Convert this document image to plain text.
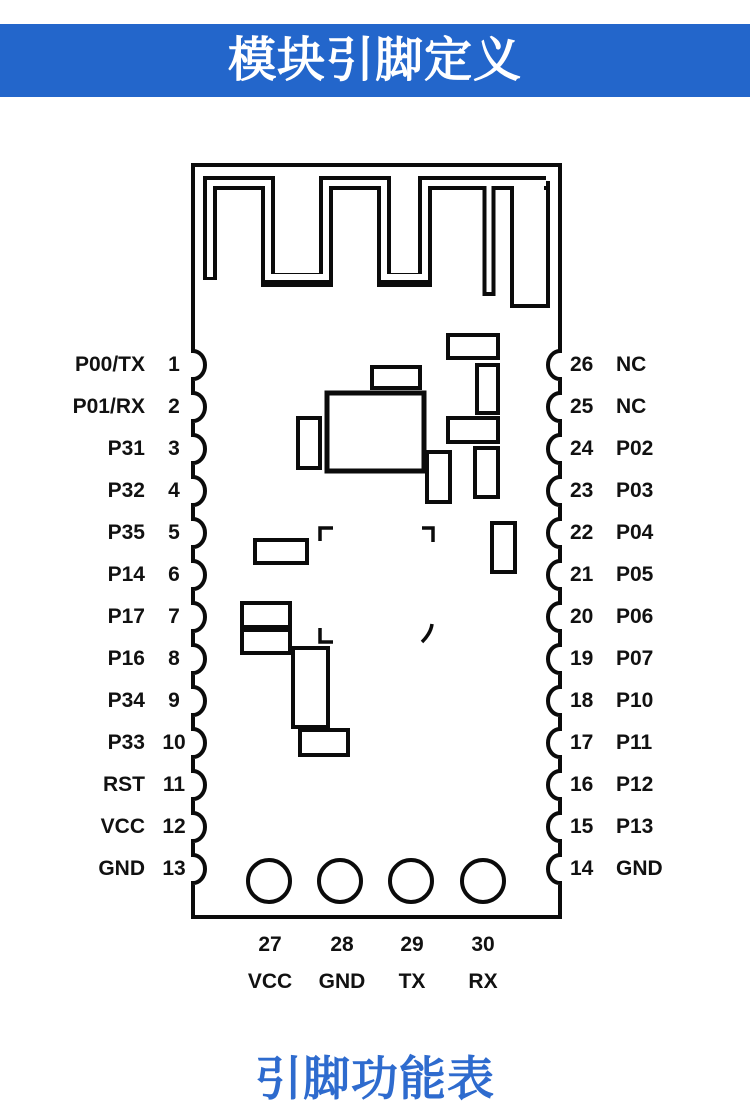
模块引脚定义
P00/TX	1
P01/RX	2
P31	3
P32	4
P35	5
P14	6
P17	7
P16	8
P34	9
P33 10
RST 11
VCC 12
GND 13
26	NC
25	NC
24	P02
23	P03
22	P04
21	P05
20	P06
19	P07
18	P10
17	P11
16	P12
15	P13
14	GND
27
VCC
28
GND
29
TX
30
RX
引脚功能表
